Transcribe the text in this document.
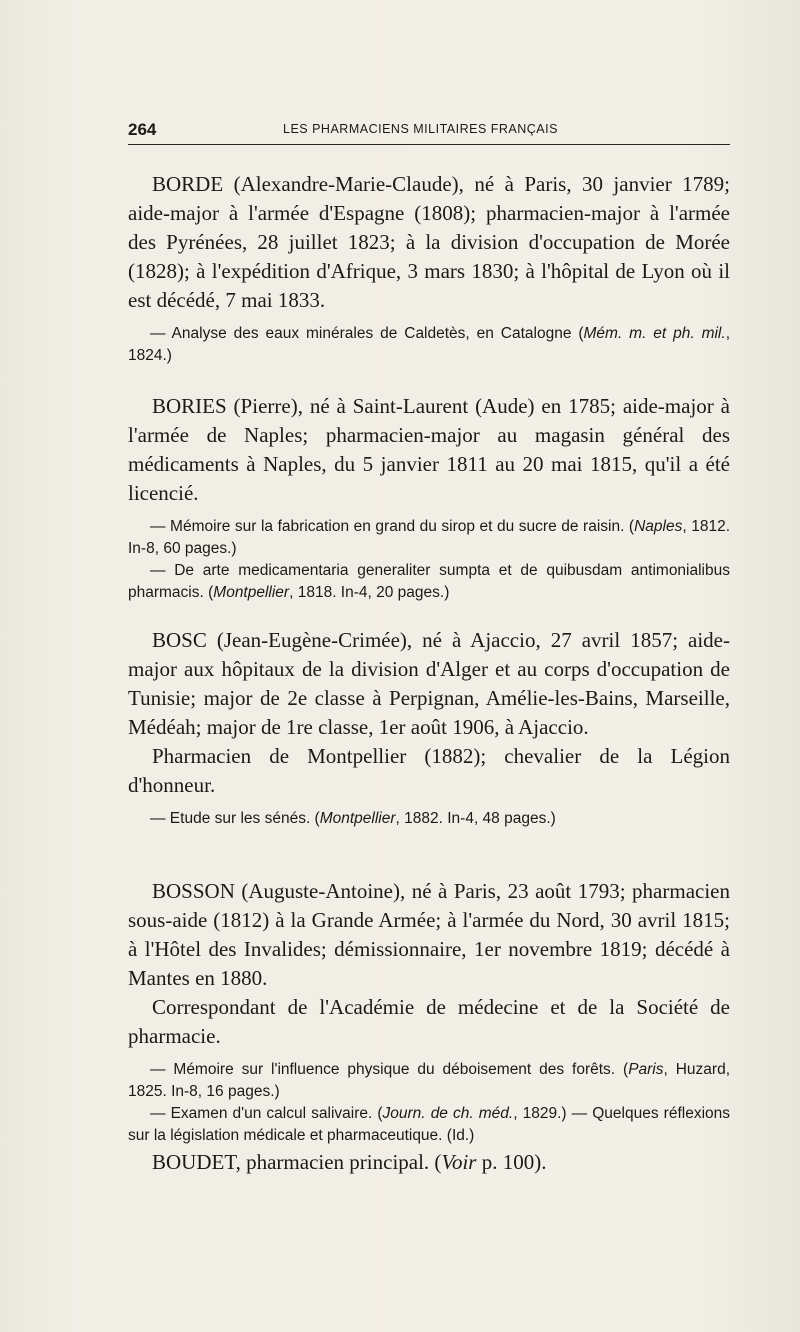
264	LES PHARMACIENS MILITAIRES FRANÇAIS

BORDE (Alexandre-Marie-Claude), né à Paris, 30 janvier 1789; aide-major à l'armée d'Espagne (1808); pharmacien-major à l'armée des Pyrénées, 28 juillet 1823; à la division d'occupation de Morée (1828); à l'expédition d'Afrique, 3 mars 1830; à l'hôpital de Lyon où il est décédé, 7 mai 1833.

— Analyse des eaux minérales de Caldetès, en Catalogne (Mém. m. et ph. mil., 1824.)

BORIES (Pierre), né à Saint-Laurent (Aude) en 1785; aide-major à l'armée de Naples; pharmacien-major au magasin général des médicaments à Naples, du 5 janvier 1811 au 20 mai 1815, qu'il a été licencié.

— Mémoire sur la fabrication en grand du sirop et du sucre de raisin. (Naples, 1812. In-8, 60 pages.)

— De arte medicamentaria generaliter sumpta et de quibusdam antimonialibus pharmacis. (Montpellier, 1818. In-4, 20 pages.)

BOSC (Jean-Eugène-Crimée), né à Ajaccio, 27 avril 1857; aide-major aux hôpitaux de la division d'Alger et au corps d'occupation de Tunisie; major de 2e classe à Perpignan, Amélie-les-Bains, Marseille, Médéah; major de 1re classe, 1er août 1906, à Ajaccio.

Pharmacien de Montpellier (1882); chevalier de la Légion d'honneur.

— Etude sur les sénés. (Montpellier, 1882. In-4, 48 pages.)

BOSSON (Auguste-Antoine), né à Paris, 23 août 1793; pharmacien sous-aide (1812) à la Grande Armée; à l'armée du Nord, 30 avril 1815; à l'Hôtel des Invalides; démissionnaire, 1er novembre 1819; décédé à Mantes en 1880.

Correspondant de l'Académie de médecine et de la Société de pharmacie.

— Mémoire sur l'influence physique du déboisement des forêts. (Paris, Huzard, 1825. In-8, 16 pages.)

— Examen d'un calcul salivaire. (Journ. de ch. méd., 1829.) — Quelques réflexions sur la législation médicale et pharmaceutique. (Id.)

BOUDET, pharmacien principal. (Voir p. 100).
